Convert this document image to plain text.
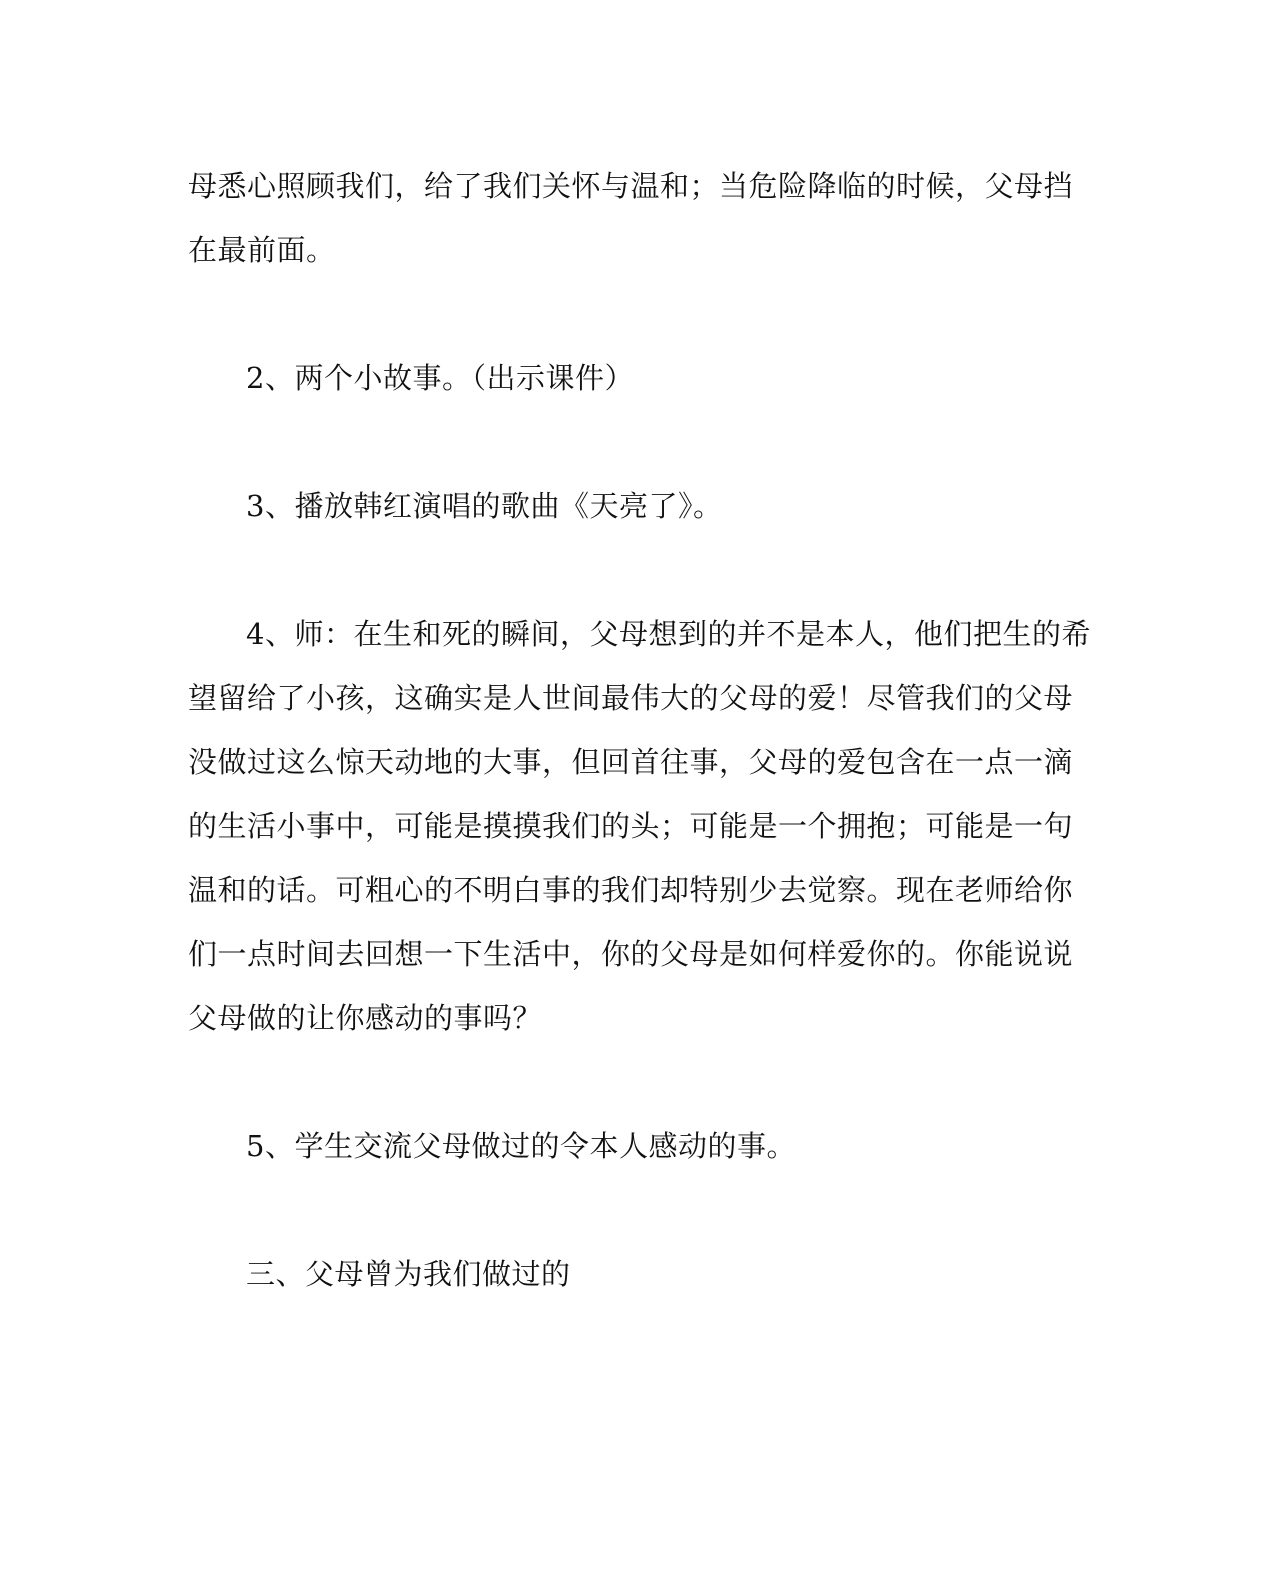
母悉心照顾我们，给了我们关怀与温和；当危险降临的时候，父母挡
在最前面。
2、两个小故事。（出示课件）
3、播放韩红演唱的歌曲《天亮了》。
4、师：在生和死的瞬间，父母想到的并不是本人，他们把生的希
望留给了小孩，这确实是人世间最伟大的父母的爱！尽管我们的父母
没做过这么惊天动地的大事，但回首往事，父母的爱包含在一点一滴
的生活小事中，可能是摸摸我们的头；可能是一个拥抱；可能是一句
温和的话。可粗心的不明白事的我们却特别少去觉察。现在老师给你
们一点时间去回想一下生活中，你的父母是如何样爱你的。你能说说
父母做的让你感动的事吗？
5、学生交流父母做过的令本人感动的事。
三、父母曾为我们做过的
